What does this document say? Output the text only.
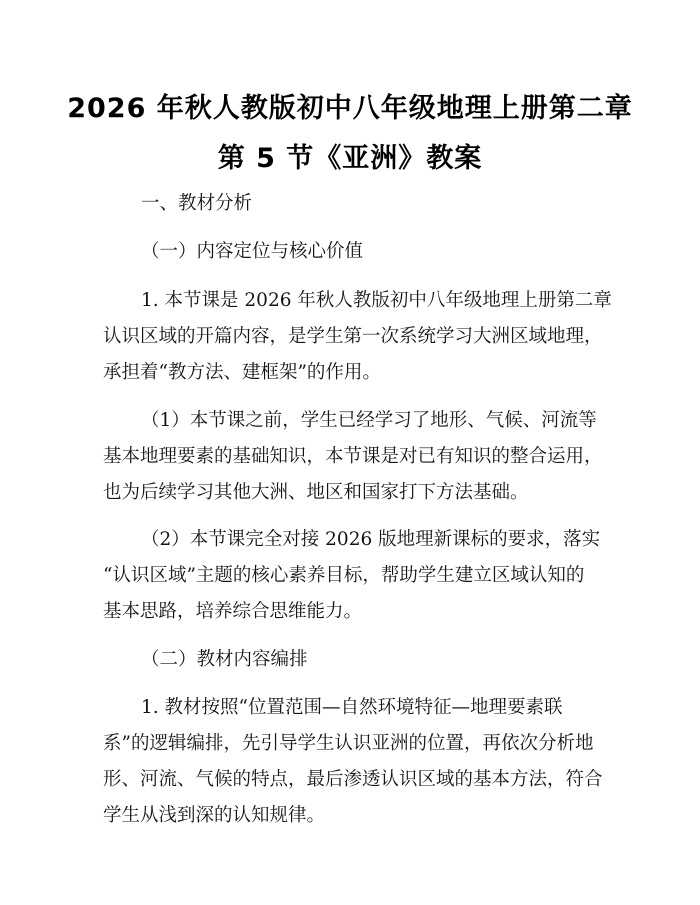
2026 年秋人教版初中八年级地理上册第二章
第 5 节《亚洲》教案
一、教材分析
（一）内容定位与核心价值
1. 本节课是 2026 年秋人教版初中八年级地理上册第二章
认识区域的开篇内容，是学生第一次系统学习大洲区域地理，
承担着“教方法、建框架”的作用。
（1）本节课之前，学生已经学习了地形、气候、河流等
基本地理要素的基础知识，本节课是对已有知识的整合运用，
也为后续学习其他大洲、地区和国家打下方法基础。
（2）本节课完全对接 2026 版地理新课标的要求，落实
“认识区域”主题的核心素养目标，帮助学生建立区域认知的
基本思路，培养综合思维能力。
（二）教材内容编排
1. 教材按照“位置范围—自然环境特征—地理要素联
系”的逻辑编排，先引导学生认识亚洲的位置，再依次分析地
形、河流、气候的特点，最后渗透认识区域的基本方法，符合
学生从浅到深的认知规律。
